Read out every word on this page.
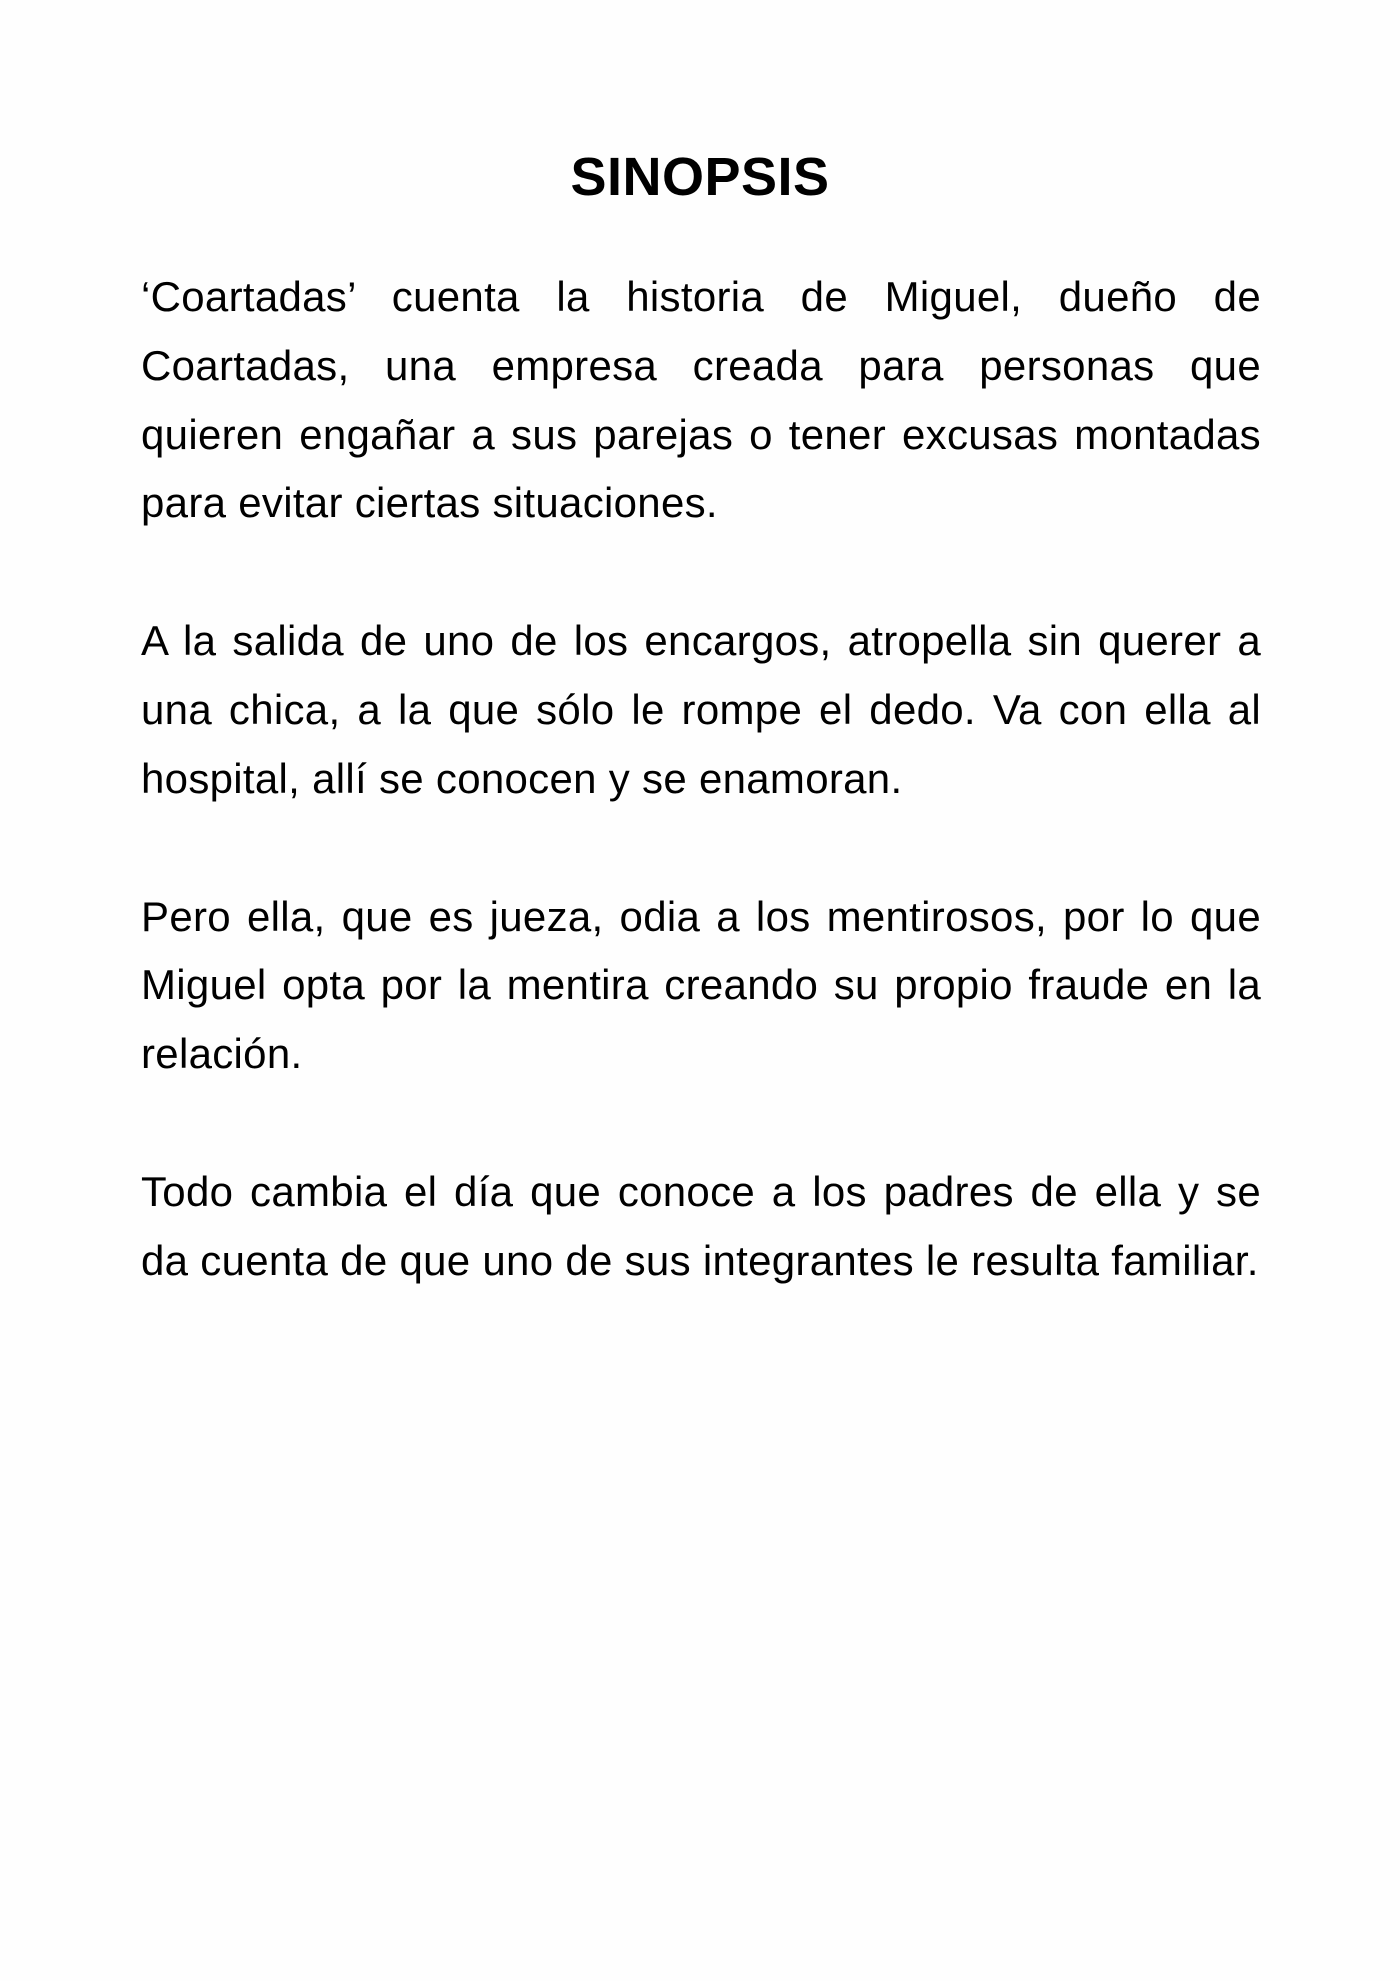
SINOPSIS

‘Coartadas’ cuenta la historia de Miguel, dueño de Coartadas, una empresa creada para personas que quieren engañar a sus parejas o tener excusas montadas para evitar ciertas situaciones.

A la salida de uno de los encargos, atropella sin querer a una chica, a la que sólo le rompe el dedo. Va con ella al hospital, allí se conocen y se enamoran.

Pero ella, que es jueza, odia a los mentirosos, por lo que Miguel opta por la mentira creando su propio fraude en la relación.

Todo cambia el día que conoce a los padres de ella y se da cuenta de que uno de sus integrantes le resulta familiar.
